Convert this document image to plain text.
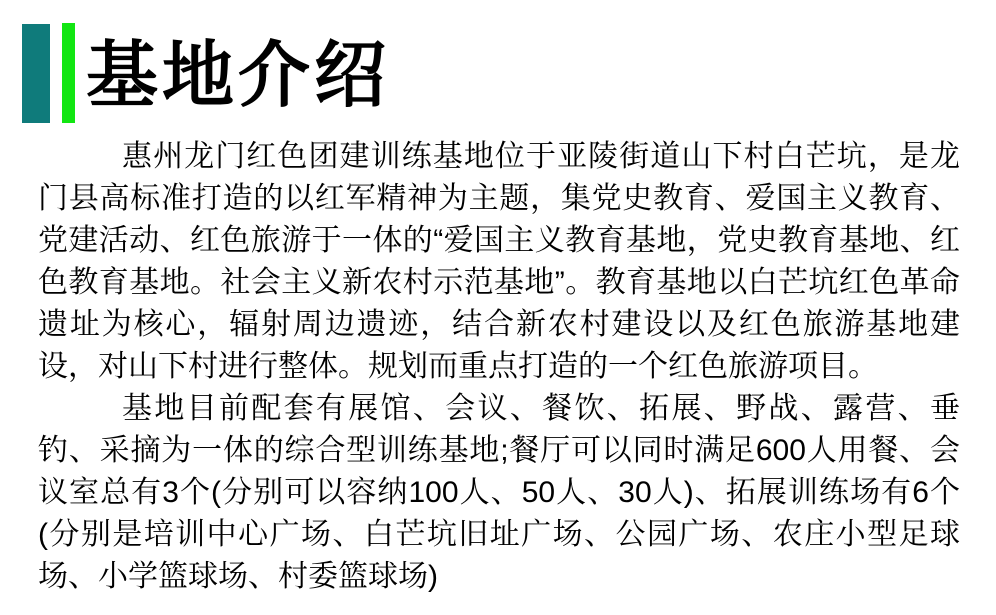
基地介绍

惠州龙门红色团建训练基地位于亚陵街道山下村白芒坑，是龙门县高标准打造的以红军精神为主题，集党史教育、爱国主义教育、党建活动、红色旅游于一体的“爱国主义教育基地，党史教育基地、红色教育基地。社会主义新农村示范基地”。教育基地以白芒坑红色革命遗址为核心，辐射周边遗迹，结合新农村建设以及红色旅游基地建设，对山下村进行整体。规划而重点打造的一个红色旅游项目。

基地目前配套有展馆、会议、餐饮、拓展、野战、露营、垂钓、采摘为一体的综合型训练基地;餐厅可以同时满足600人用餐、会议室总有3个(分别可以容纳100人、50人、30人)、拓展训练场有6个(分别是培训中心广场、白芒坑旧址广场、公园广场、农庄小型足球场、小学篮球场、村委篮球场)
